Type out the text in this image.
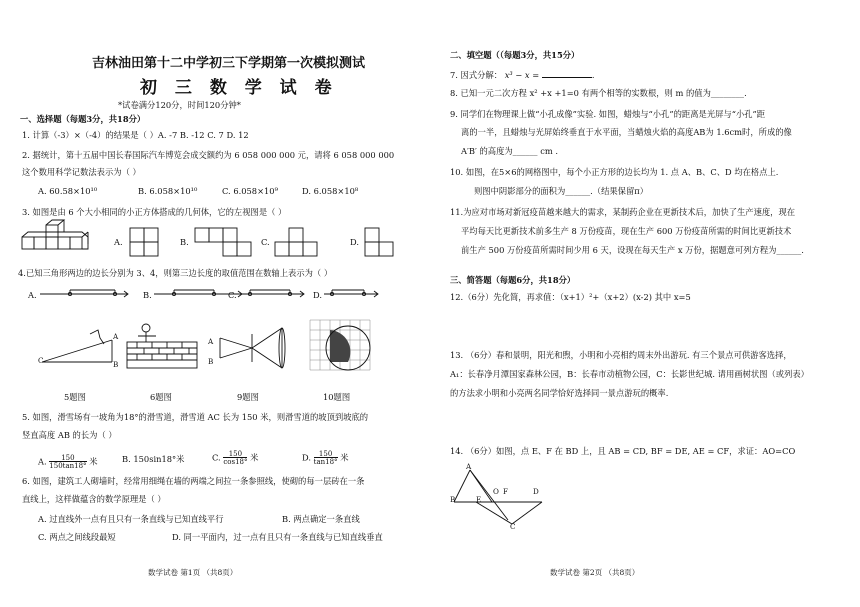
吉林油田第十二中学初三下学期第一次模拟测试
初 三 数 学 试 卷
*试卷满分120分，时间120分钟*
一、选择题（每题3分，共18分）
1. 计算（-3）×（-4）的结果是（ ）A. -7 B. -12 C. 7 D. 12
2. 据统计，第十五届中国长春国际汽车博览会成交额约为 6 058 000 000 元，请将 6 058 000 000
这个数用科学记数法表示为（ ）
A. 60.58×10¹⁰	B. 6.058×10¹⁰	C. 6.058×10⁹	D. 6.058×10⁸
3. 如图是由 6 个大小相同的小正方体搭成的几何体，它的左视图是（ ）
A.	B.	C.	D.
4.已知三角形两边的边长分别为 3、4，则第三边长度的取值范围在数轴上表示为（ ）
A.	B.	C.	D.
A
B
C
A
B
5题图	6题图	9题图	10题图
5. 如图，滑雪场有一坡角为18°的滑雪道，滑雪道 AC 长为 150 米，则滑雪道的坡顶到坡底的
竖直高度 AB 的长为（ ）
A. $\frac{150}{150\tan 18^\circ}$ 米	B. 150sin18°米	C. $\frac{150}{\cos 18^\circ}$ 米	D. $\frac{150}{\tan 18^\circ}$ 米
6. 如图，建筑工人砌墙时，经常用细绳在墙的两端之间拉一条参照线，使砌的每一层砖在一条
直线上，这样做蕴含的数学原理是（ ）
A. 过直线外一点有且只有一条直线与已知直线平行	B. 两点确定一条直线
C. 两点之间线段最短	D. 同一平面内，过一点有且只有一条直线与已知直线垂直
数学试卷 第1页 （共8页）
二、填空题（（每题3分，共15分）
7. 因式分解： x³ − x =	.
8. 已知一元二次方程 x² +x +1=0 有两个相等的实数根，则 m 的值为________.
9. 同学们在物理课上做“小孔成像”实验. 如图，蜡烛与“小孔”的距离是光屏与“小孔”距
离的一半，且蜡烛与光屏始终垂直于水平面，当蜡烛火焰的高度AB为 1.6cm时，所成的像
A′B′ 的高度为______ cm .
10. 如图，在5×6的网格图中，每个小正方形的边长均为 1. 点 A、B、C、D 均在格点上.
则图中阴影部分的面积为______.（结果保留π）
11.为应对市场对新冠疫苗越来越大的需求，某制药企业在更新技术后，加快了生产速度，现在
平均每天比更新技术前多生产 8 万份疫苗，现在生产 600 万份疫苗所需的时间比更新技术
前生产 500 万份疫苗所需时间少用 6 天，设现在每天生产 x 万份，据题意可列方程为______.
三、简答题（每题6分，共18分）
12.（6分）先化简，再求值：（x+1）²+（x+2）(x-2) 其中 x=5
13. （6分）春和景明，阳光和煦，小明和小亮相约周末外出游玩. 有三个景点可供游客选择，
A₁：长春净月潭国家森林公园，B：长春市动植物公园，C：长影世纪城. 请用画树状图（或列表）
的方法求小明和小亮两名同学恰好选择同一景点游玩的概率.
14. （6分）如图，点 E、F 在 BD 上，且 AB = CD, BF = DE, AE = CF，求证：AO=CO
A
B	E
O F	D
C
数学试卷 第2页 （共8页）
